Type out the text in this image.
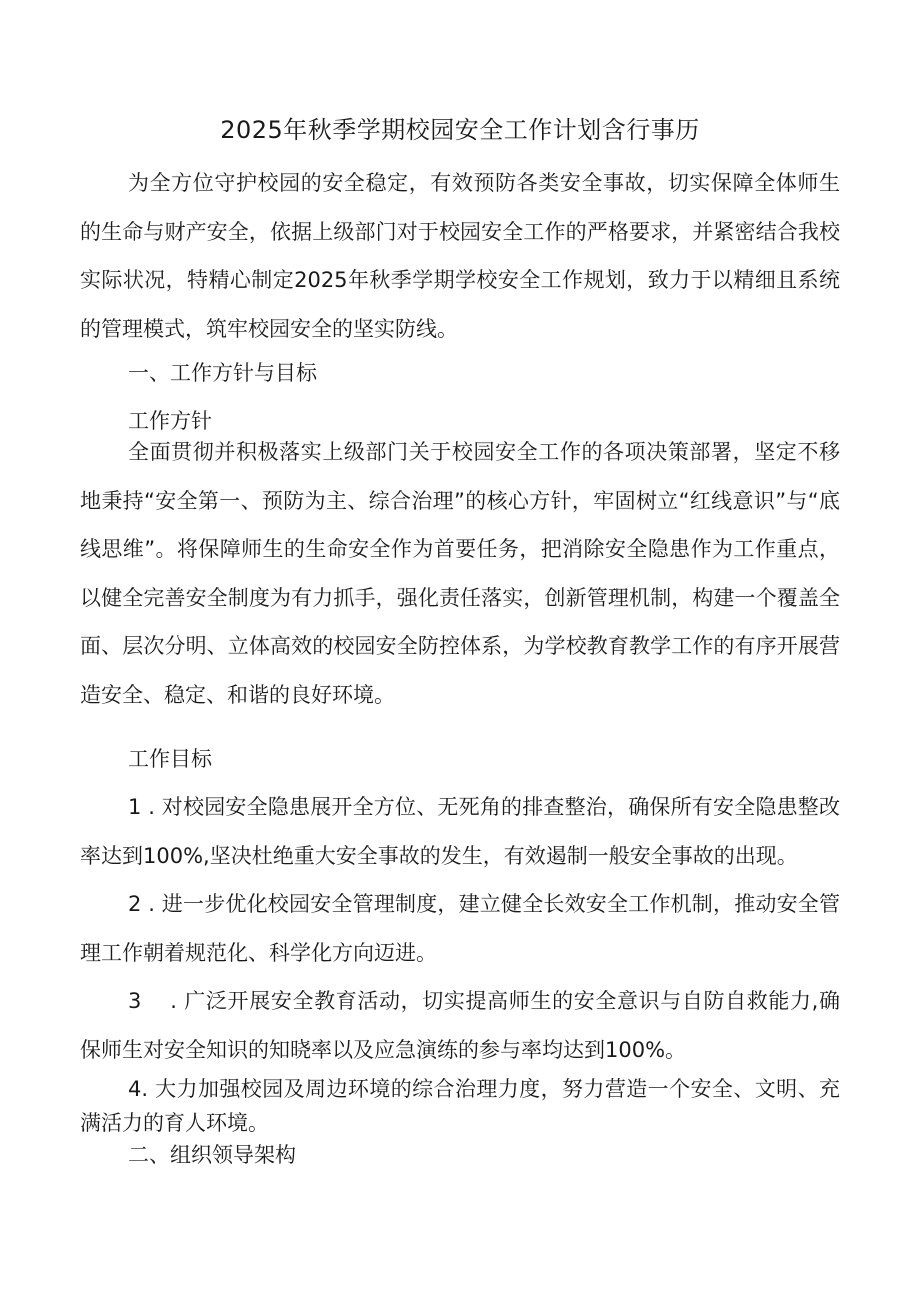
2025年秋季学期校园安全工作计划含行事历

为全方位守护校园的安全稳定，有效预防各类安全事故，切实保障全体师生的生命与财产安全，依据上级部门对于校园安全工作的严格要求，并紧密结合我校实际状况，特精心制定2025年秋季学期学校安全工作规划，致力于以精细且系统的管理模式，筑牢校园安全的坚实防线。

一、工作方针与目标

工作方针

全面贯彻并积极落实上级部门关于校园安全工作的各项决策部署，坚定不移地秉持“安全第一、预防为主、综合治理”的核心方针，牢固树立“红线意识”与“底线思维”。将保障师生的生命安全作为首要任务，把消除安全隐患作为工作重点，以健全完善安全制度为有力抓手，强化责任落实，创新管理机制，构建一个覆盖全面、层次分明、立体高效的校园安全防控体系，为学校教育教学工作的有序开展营造安全、稳定、和谐的良好环境。

工作目标

1 . 对校园安全隐患展开全方位、无死角的排查整治，确保所有安全隐患整改率达到100%,坚决杜绝重大安全事故的发生，有效遏制一般安全事故的出现。

2 . 进一步优化校园安全管理制度，建立健全长效安全工作机制，推动安全管理工作朝着规范化、科学化方向迈进。

3 　. 广泛开展安全教育活动，切实提高师生的安全意识与自防自救能力,确保师生对安全知识的知晓率以及应急演练的参与率均达到100%。

4. 大力加强校园及周边环境的综合治理力度，努力营造一个安全、文明、充满活力的育人环境。

二、组织领导架构
